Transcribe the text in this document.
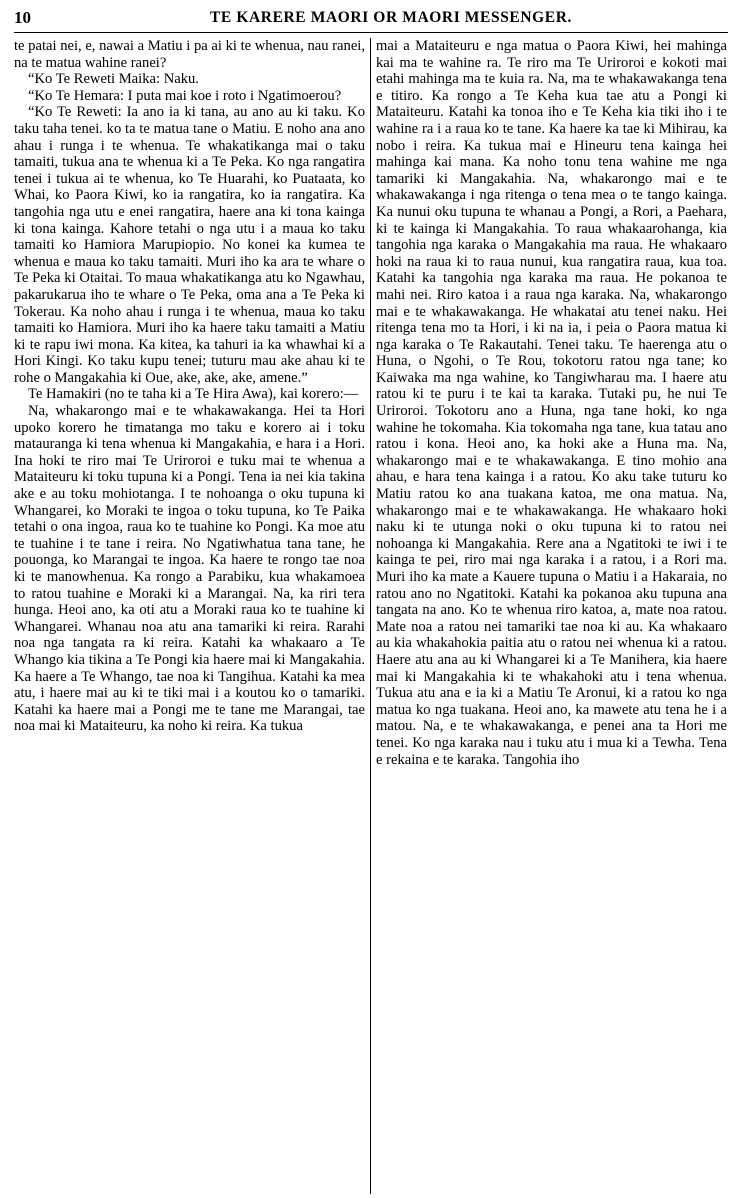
10	TE KARERE MAORI OR MAORI MESSENGER.

te patai nei, e, nawai a Matiu i pa ai ki te whenua, nau ranei, na te matua wahine ranei?

“Ko Te Reweti Maika: Naku.

“Ko Te Hemara: I puta mai koe i roto i Ngatimoerou?

“Ko Te Reweti: Ia ano ia ki tana, au ano au ki taku. Ko taku taha tenei. ko ta te matua tane o Matiu. E noho ana ano ahau i runga i te whenua. Te whakatikanga mai o taku tamaiti, tukua ana te whenua ki a Te Peka. Ko nga rangatira tenei i tukua ai te whenua, ko Te Huarahi, ko Puataata, ko Whai, ko Paora Kiwi, ko ia rangatira, ko ia rangatira. Ka tangohia nga utu e enei rangatira, haere ana ki tona kainga ki tona kainga. Kahore tetahi o nga utu i a maua ko taku tamaiti ko Hamiora Marupiopio. No konei ka kumea te whenua e maua ko taku tamaiti. Muri iho ka ara te whare o Te Peka ki Otaitai. To maua whakatikanga atu ko Ngawhau, pakarukarua iho te whare o Te Peka, oma ana a Te Peka ki Tokerau. Ka noho ahau i runga i te whenua, maua ko taku tamaiti ko Hamiora. Muri iho ka haere taku tamaiti a Matiu ki te rapu iwi mona. Ka kitea, ka tahuri ia ka whawhai ki a Hori Kingi. Ko taku kupu tenei; tuturu mau ake ahau ki te rohe o Mangakahia ki Oue, ake, ake, ake, amene.”

Te Hamakiri (no te taha ki a Te Hira Awa), kai korero:—

Na, whakarongo mai e te whakawakanga. Hei ta Hori upoko korero he timatanga mo taku e korero ai i toku matauranga ki tena whenua ki Mangakahia, e hara i a Hori. Ina hoki te riro mai Te Uriroroi e tuku mai te whenua a Mataiteuru ki toku tupuna ki a Pongi. Tena ia nei kia takina ake e au toku mohiotanga. I te nohoanga o oku tupuna ki Whangarei, ko Moraki te ingoa o toku tupuna, ko Te Paika tetahi o ona ingoa, raua ko te tuahine ko Pongi. Ka moe atu te tuahine i te tane i reira. No Ngatiwhatua tana tane, he pouonga, ko Marangai te ingoa. Ka haere te rongo tae noa ki te manowhenua. Ka rongo a Parabiku, kua whakamoea to ratou tuahine e Moraki ki a Marangai. Na, ka riri tera hunga. Heoi ano, ka oti atu a Moraki raua ko te tuahine ki Whangarei. Whanau noa atu ana tamariki ki reira. Rarahi noa nga tangata ra ki reira. Katahi ka whakaaro a Te Whango kia tikina a Te Pongi kia haere mai ki Mangakahia. Ka haere a Te Whango, tae noa ki Tangihua. Katahi ka mea atu, i haere mai au ki te tiki mai i a koutou ko o tamariki. Katahi ka haere mai a Pongi me te tane me Marangai, tae noa mai ki Mataiteuru, ka noho ki reira. Ka tukua

mai a Mataiteuru e nga matua o Paora Kiwi, hei mahinga kai ma te wahine ra. Te riro ma Te Uriroroi e kokoti mai etahi mahinga ma te kuia ra. Na, ma te whakawakanga tena e titiro. Ka rongo a Te Keha kua tae atu a Pongi ki Mataiteuru. Katahi ka tonoa iho e Te Keha kia tiki iho i te wahine ra i a raua ko te tane. Ka haere ka tae ki Mihirau, ka nobo i reira. Ka tukua mai e Hineuru tena kainga hei mahinga kai mana. Ka noho tonu tena wahine me nga tamariki ki Mangakahia. Na, whakarongo mai e te whakawakanga i nga ritenga o tena mea o te tango kainga. Ka nunui oku tupuna te whanau a Pongi, a Rori, a Paehara, ki te kainga ki Mangakahia. To raua whakaarohanga, kia tangohia nga karaka o Mangakahia ma raua. He whakaaro hoki na raua ki to raua nunui, kua rangatira raua, kua toa. Katahi ka tangohia nga karaka ma raua. He pokanoa te mahi nei. Riro katoa i a raua nga karaka. Na, whakarongo mai e te whakawakanga. He whakatai atu tenei naku. Hei ritenga tena mo ta Hori, i ki na ia, i peia o Paora matua ki nga karaka o Te Rakautahi. Tenei taku. Te haerenga atu o Huna, o Ngohi, o Te Rou, tokotoru ratou nga tane; ko Kaiwaka ma nga wahine, ko Tangiwharau ma. I haere atu ratou ki te puru i te kai ta karaka. Tutaki pu, he nui Te Uriroroi. Tokotoru ano a Huna, nga tane hoki, ko nga wahine he tokomaha. Kia tokomaha nga tane, kua tatau ano ratou i kona. Heoi ano, ka hoki ake a Huna ma. Na, whakarongo mai e te whakawakanga. E tino mohio ana ahau, e hara tena kainga i a ratou. Ko aku take tuturu ko Matiu ratou ko ana tuakana katoa, me ona matua. Na, whakarongo mai e te whakawakanga. He whakaaro hoki naku ki te utunga noki o oku tupuna ki to ratou nei nohoanga ki Mangakahia. Rere ana a Ngatitoki te iwi i te kainga te pei, riro mai nga karaka i a ratou, i a Rori ma. Muri iho ka mate a Kauere tupuna o Matiu i a Hakaraia, no ratou ano no Ngatitoki. Katahi ka pokanoa aku tupuna ana tangata na ano. Ko te whenua riro katoa, a, mate noa ratou. Mate noa a ratou nei tamariki tae noa ki au. Ka whakaaro au kia whakahokia paitia atu o ratou nei whenua ki a ratou. Haere atu ana au ki Whangarei ki a Te Manihera, kia haere mai ki Mangakahia ki te whakahoki atu i tena whenua. Tukua atu ana e ia ki a Matiu Te Aronui, ki a ratou ko nga matua ko nga tuakana. Heoi ano, ka mawete atu tena he i a matou. Na, e te whakawakanga, e penei ana ta Hori me tenei. Ko nga karaka nau i tuku atu i mua ki a Tewha. Tena e rekaina e te karaka. Tangohia iho
